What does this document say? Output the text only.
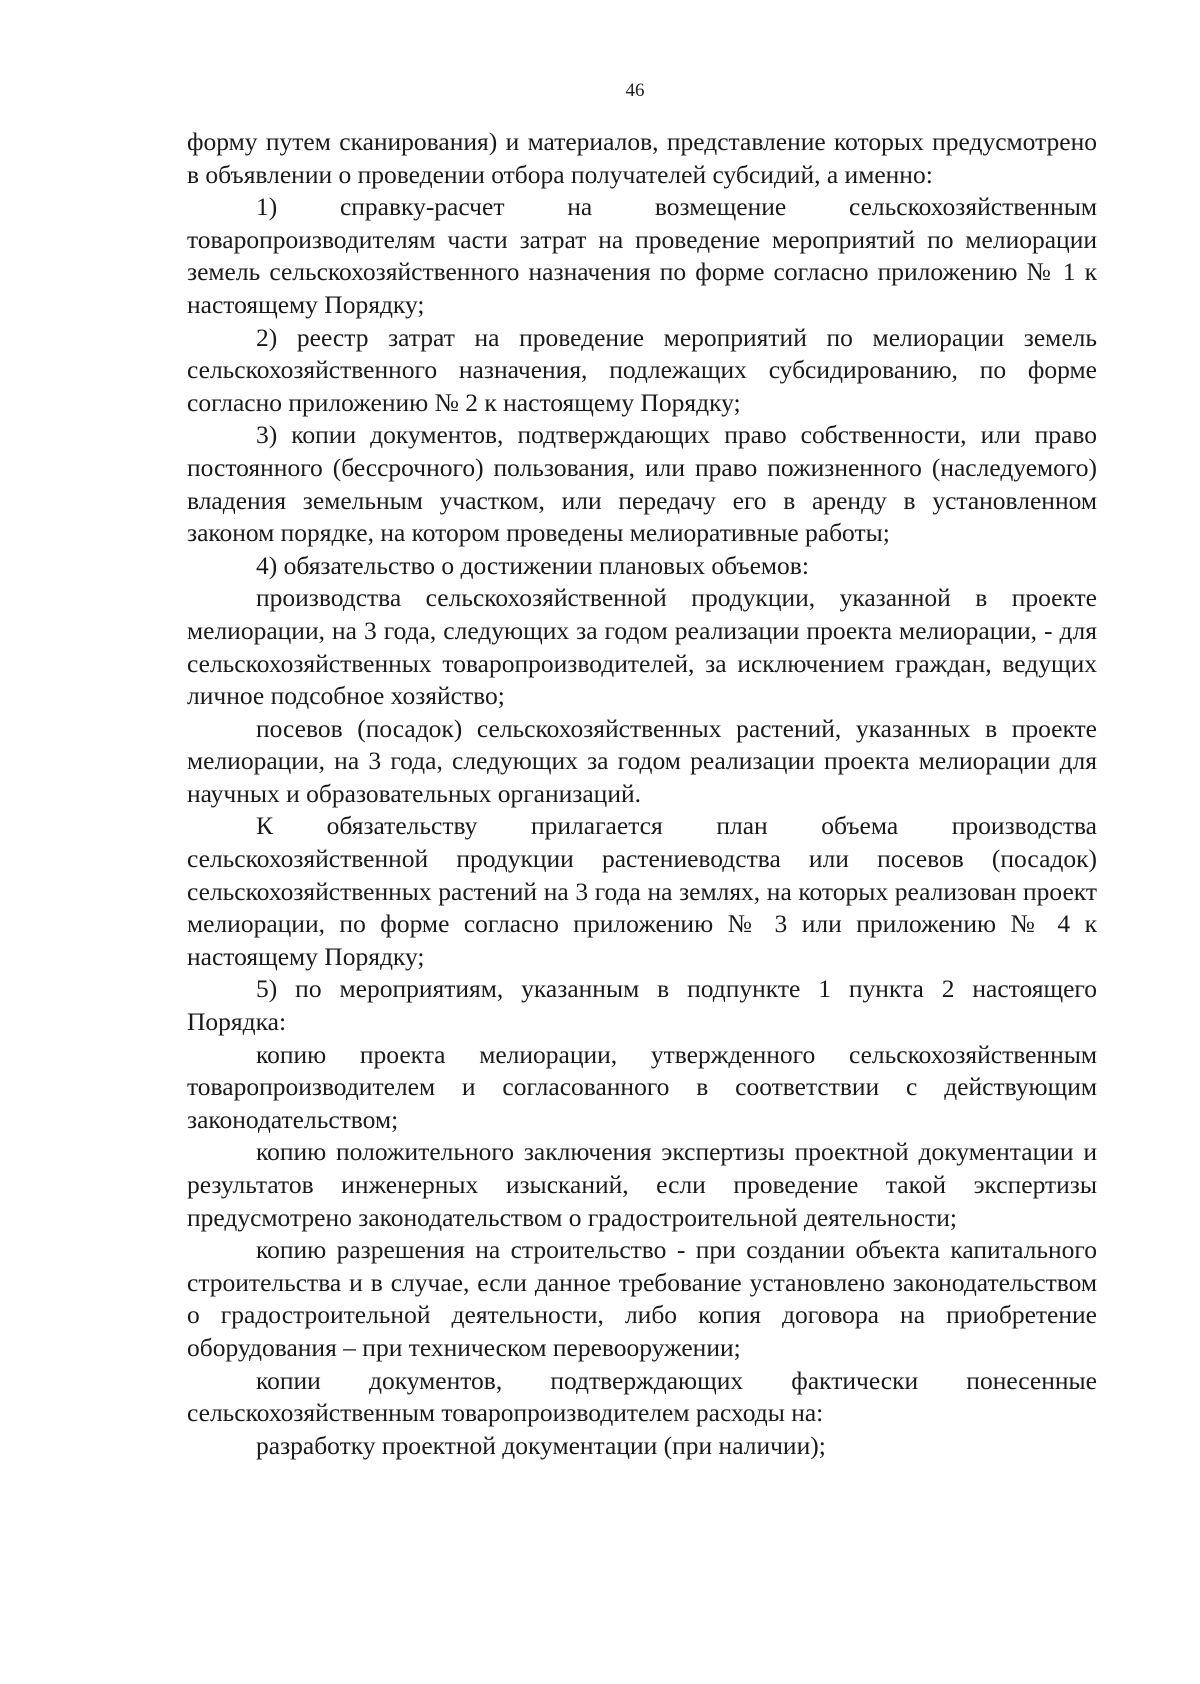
46

форму путем сканирования) и материалов, представление которых предусмотрено в объявлении о проведении отбора получателей субсидий, а именно:

1) справку-расчет на возмещение сельскохозяйственным товаропроизводителям части затрат на проведение мероприятий по мелиорации земель сельскохозяйственного назначения по форме согласно приложению № 1 к настоящему Порядку;

2) реестр затрат на проведение мероприятий по мелиорации земель сельскохозяйственного назначения, подлежащих субсидированию, по форме согласно приложению № 2 к настоящему Порядку;

3) копии документов, подтверждающих право собственности, или право постоянного (бессрочного) пользования, или право пожизненного (наследуемого) владения земельным участком, или передачу его в аренду в установленном законом порядке, на котором проведены мелиоративные работы;

4) обязательство о достижении плановых объемов:

производства сельскохозяйственной продукции, указанной в проекте мелиорации, на 3 года, следующих за годом реализации проекта мелиорации, - для сельскохозяйственных товаропроизводителей, за исключением граждан, ведущих личное подсобное хозяйство;

посевов (посадок) сельскохозяйственных растений, указанных в проекте мелиорации, на 3 года, следующих за годом реализации проекта мелиорации для научных и образовательных организаций.

К обязательству прилагается план объема производства сельскохозяйственной продукции растениеводства или посевов (посадок) сельскохозяйственных растений на 3 года на землях, на которых реализован проект мелиорации, по форме согласно приложению № 3 или приложению № 4 к настоящему Порядку;

5) по мероприятиям, указанным в подпункте 1 пункта 2 настоящего Порядка:

копию проекта мелиорации, утвержденного сельскохозяйственным товаропроизводителем и согласованного в соответствии с действующим законодательством;

копию положительного заключения экспертизы проектной документации и результатов инженерных изысканий, если проведение такой экспертизы предусмотрено законодательством о градостроительной деятельности;

копию разрешения на строительство - при создании объекта капитального строительства и в случае, если данное требование установлено законодательством о градостроительной деятельности, либо копия договора на приобретение оборудования – при техническом перевооружении;

копии документов, подтверждающих фактически понесенные сельскохозяйственным товаропроизводителем расходы на:

разработку проектной документации (при наличии);
